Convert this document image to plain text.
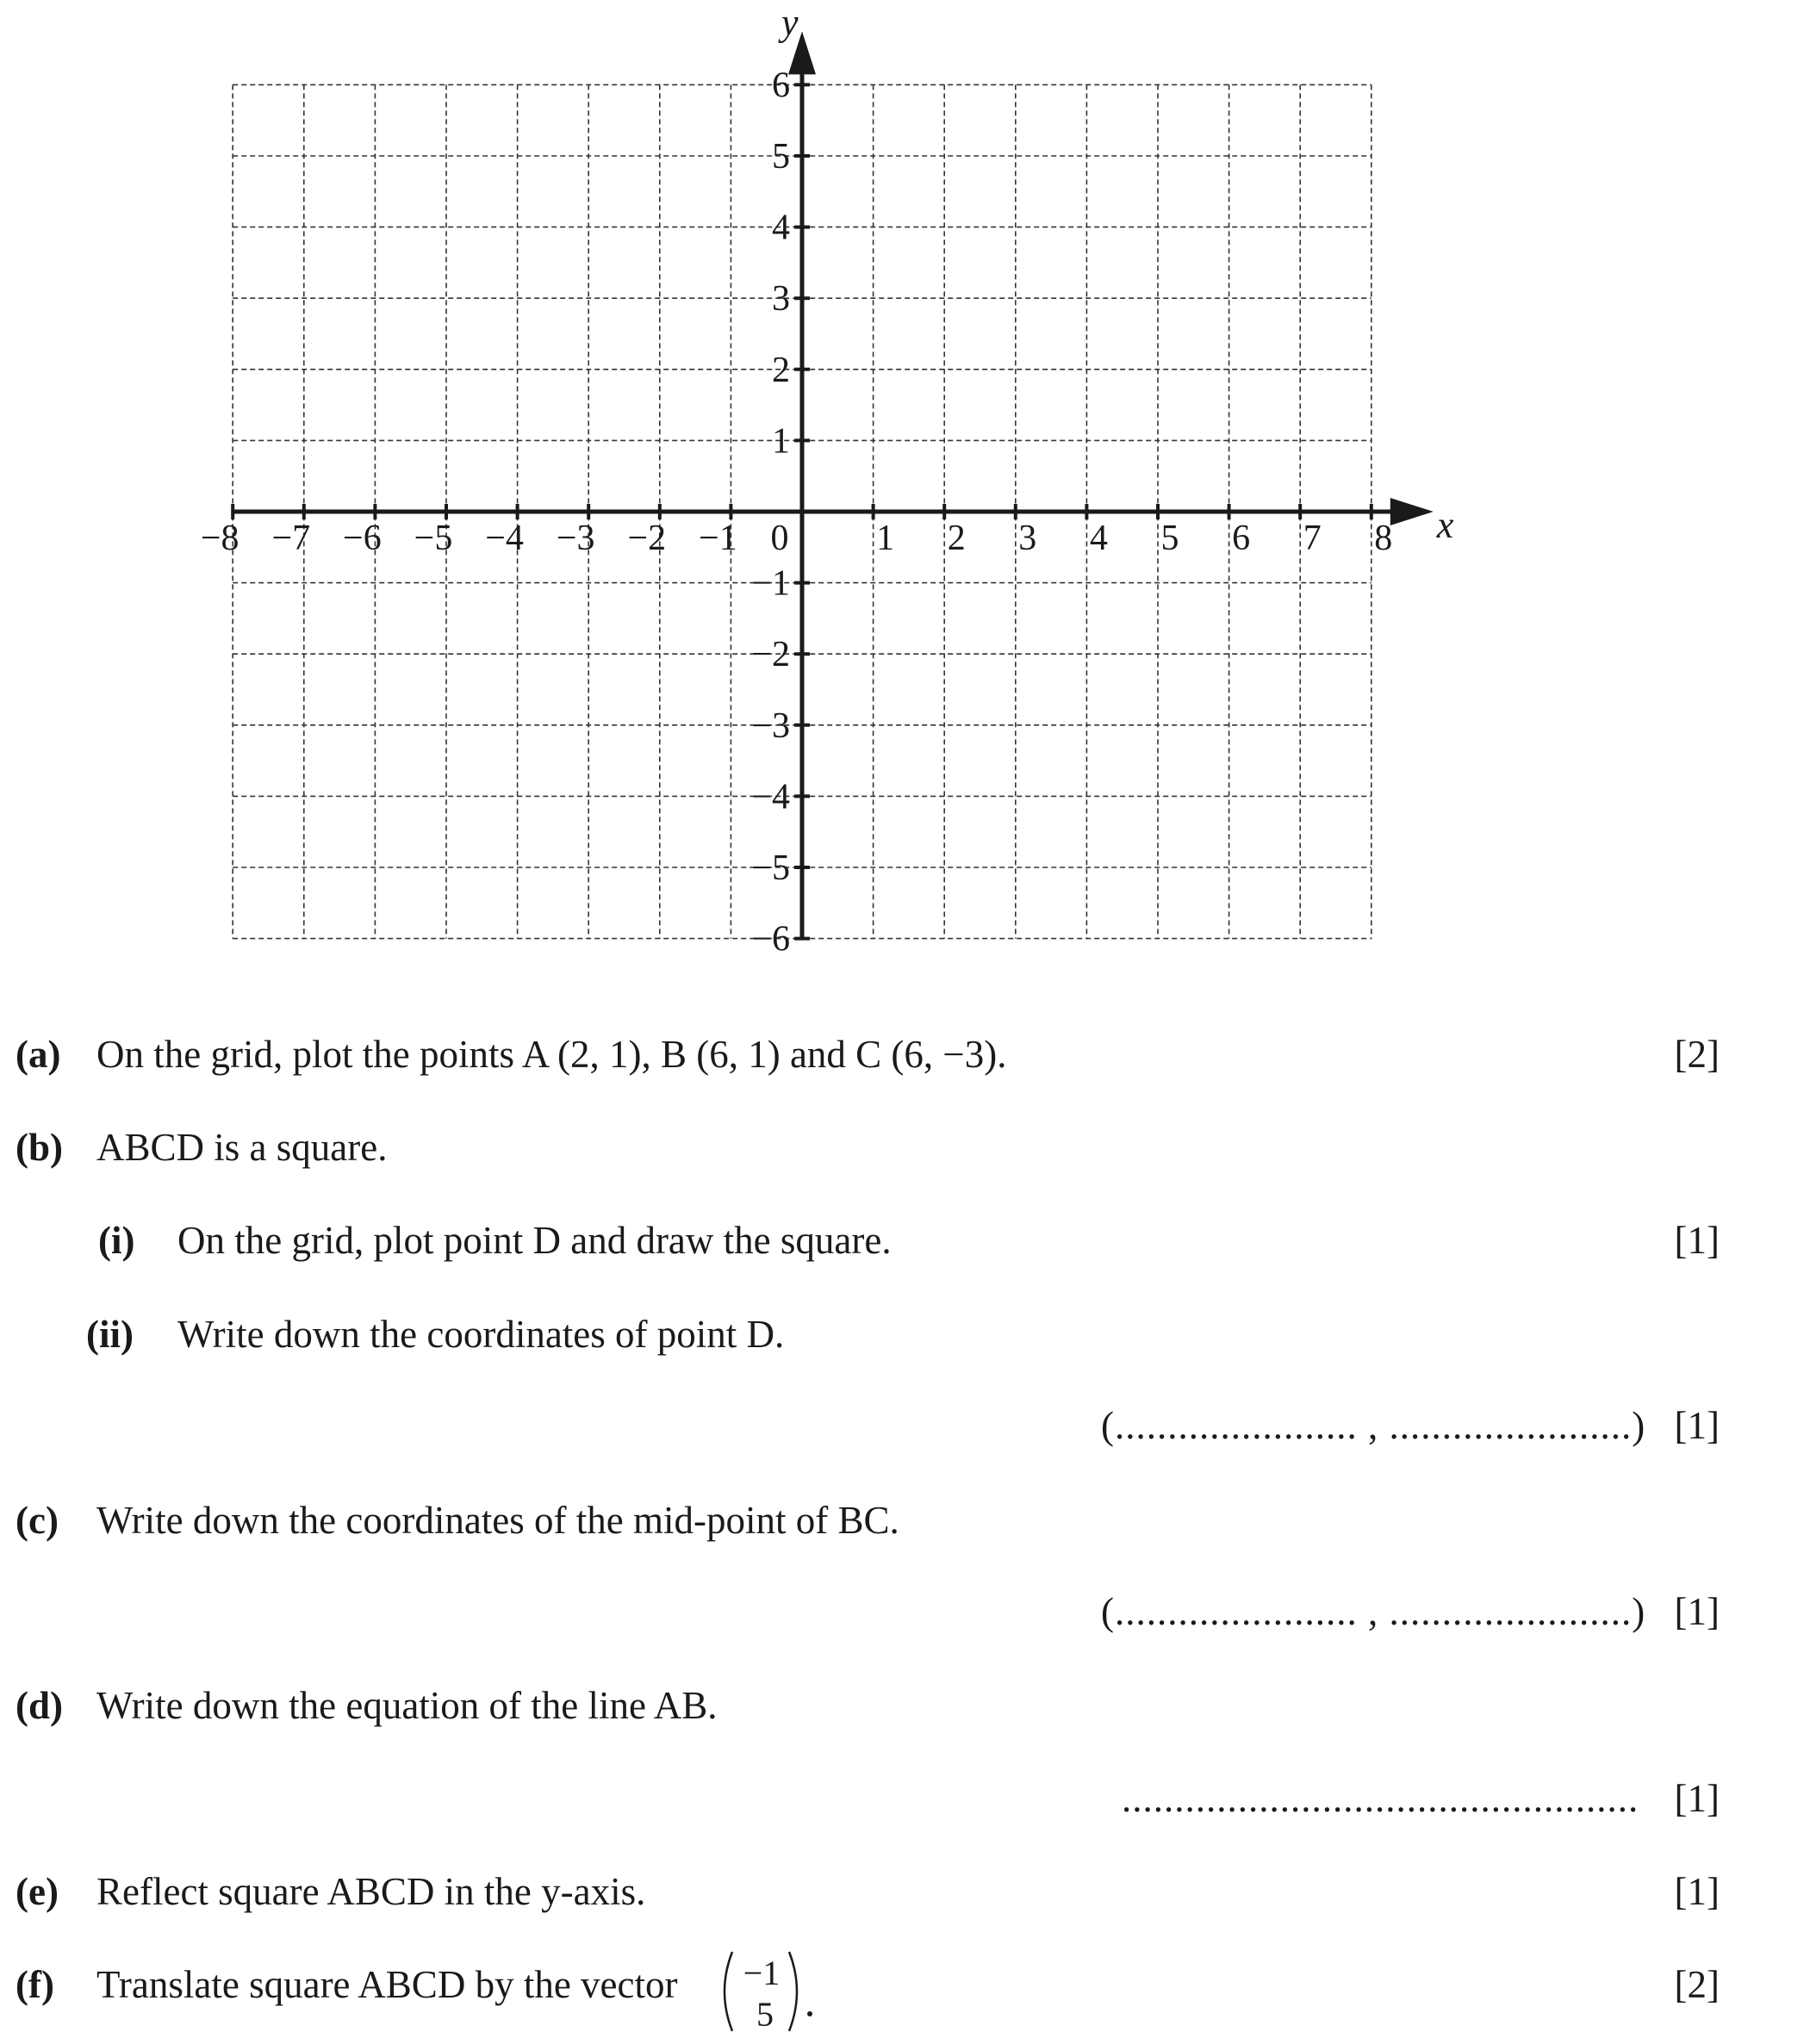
−8 −7 −6 −5 −4 −3 −2 −1 0 1 2 3 4 5 6 7 8
6
5
4
3
2
1
−1
−2
−3
−4
−5
−6
x
y
(a) On the grid, plot the points A (2, 1), B (6, 1) and C (6, −3).	[2]
(b) ABCD is a square.
(i) On the grid, plot point D and draw the square.	[1]
(ii) Write down the coordinates of point D.
(....................... , .......................) [1]
(c) Write down the coordinates of the mid-point of BC.
(....................... , .......................) [1]
(d) Write down the equation of the line AB.
................................................. [1]
(e) Reflect square ABCD in the y-axis.	[1]
(f) Translate square ABCD by the vector −1
5
[2]
